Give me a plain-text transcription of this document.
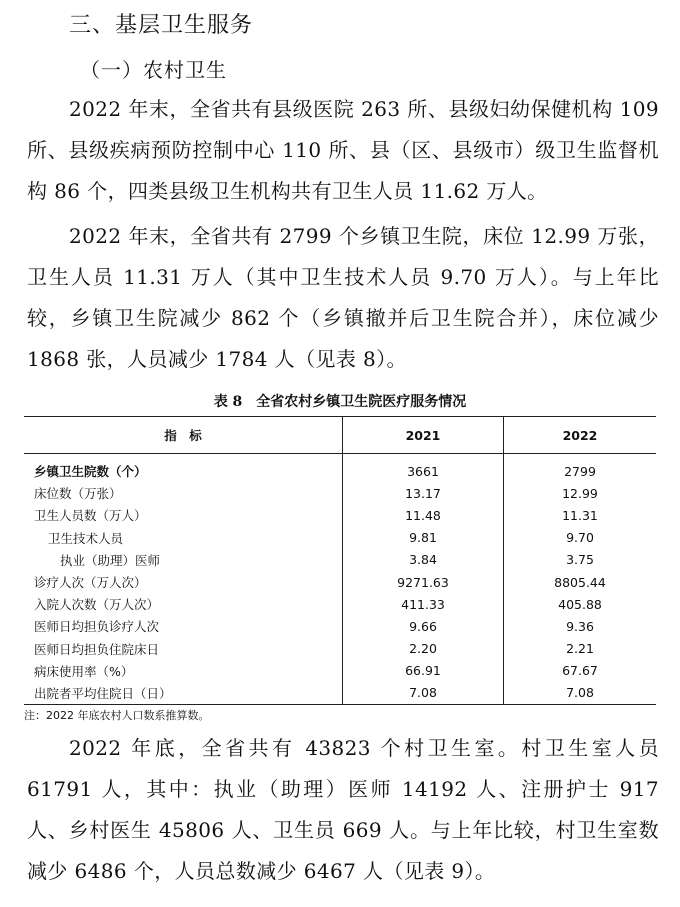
三、基层卫生服务
（一）农村卫生

2022 年末，全省共有县级医院 263 所、县级妇幼保健机构 109 所、县级疾病预防控制中心 110 所、县（区、县级市）级卫生监督机构 86 个，四类县级卫生机构共有卫生人员 11.62 万人。

2022 年末，全省共有 2799 个乡镇卫生院，床位 12.99 万张，卫生人员 11.31 万人（其中卫生技术人员 9.70 万人）。与上年比较，乡镇卫生院减少 862 个（乡镇撤并后卫生院合并），床位减少 1868 张，人员减少 1784 人（见表 8）。

表 8　全省农村乡镇卫生院医疗服务情况
指　标	2021	2022
乡镇卫生院数（个）	3661	2799
床位数（万张）	13.17	12.99
卫生人员数（万人）	11.48	11.31
卫生技术人员	9.81	9.70
执业（助理）医师	3.84	3.75
诊疗人次（万人次）	9271.63	8805.44
入院人次数（万人次）	411.33	405.88
医师日均担负诊疗人次	9.66	9.36
医师日均担负住院床日	2.20	2.21
病床使用率（%）	66.91	67.67
出院者平均住院日（日）	7.08	7.08
注：2022 年底农村人口数系推算数。

2022 年底，全省共有 43823 个村卫生室。村卫生室人员 61791 人，其中：执业（助理）医师 14192 人、注册护士 917 人、乡村医生 45806 人、卫生员 669 人。与上年比较，村卫生室数减少 6486 个，人员总数减少 6467 人（见表 9）。
